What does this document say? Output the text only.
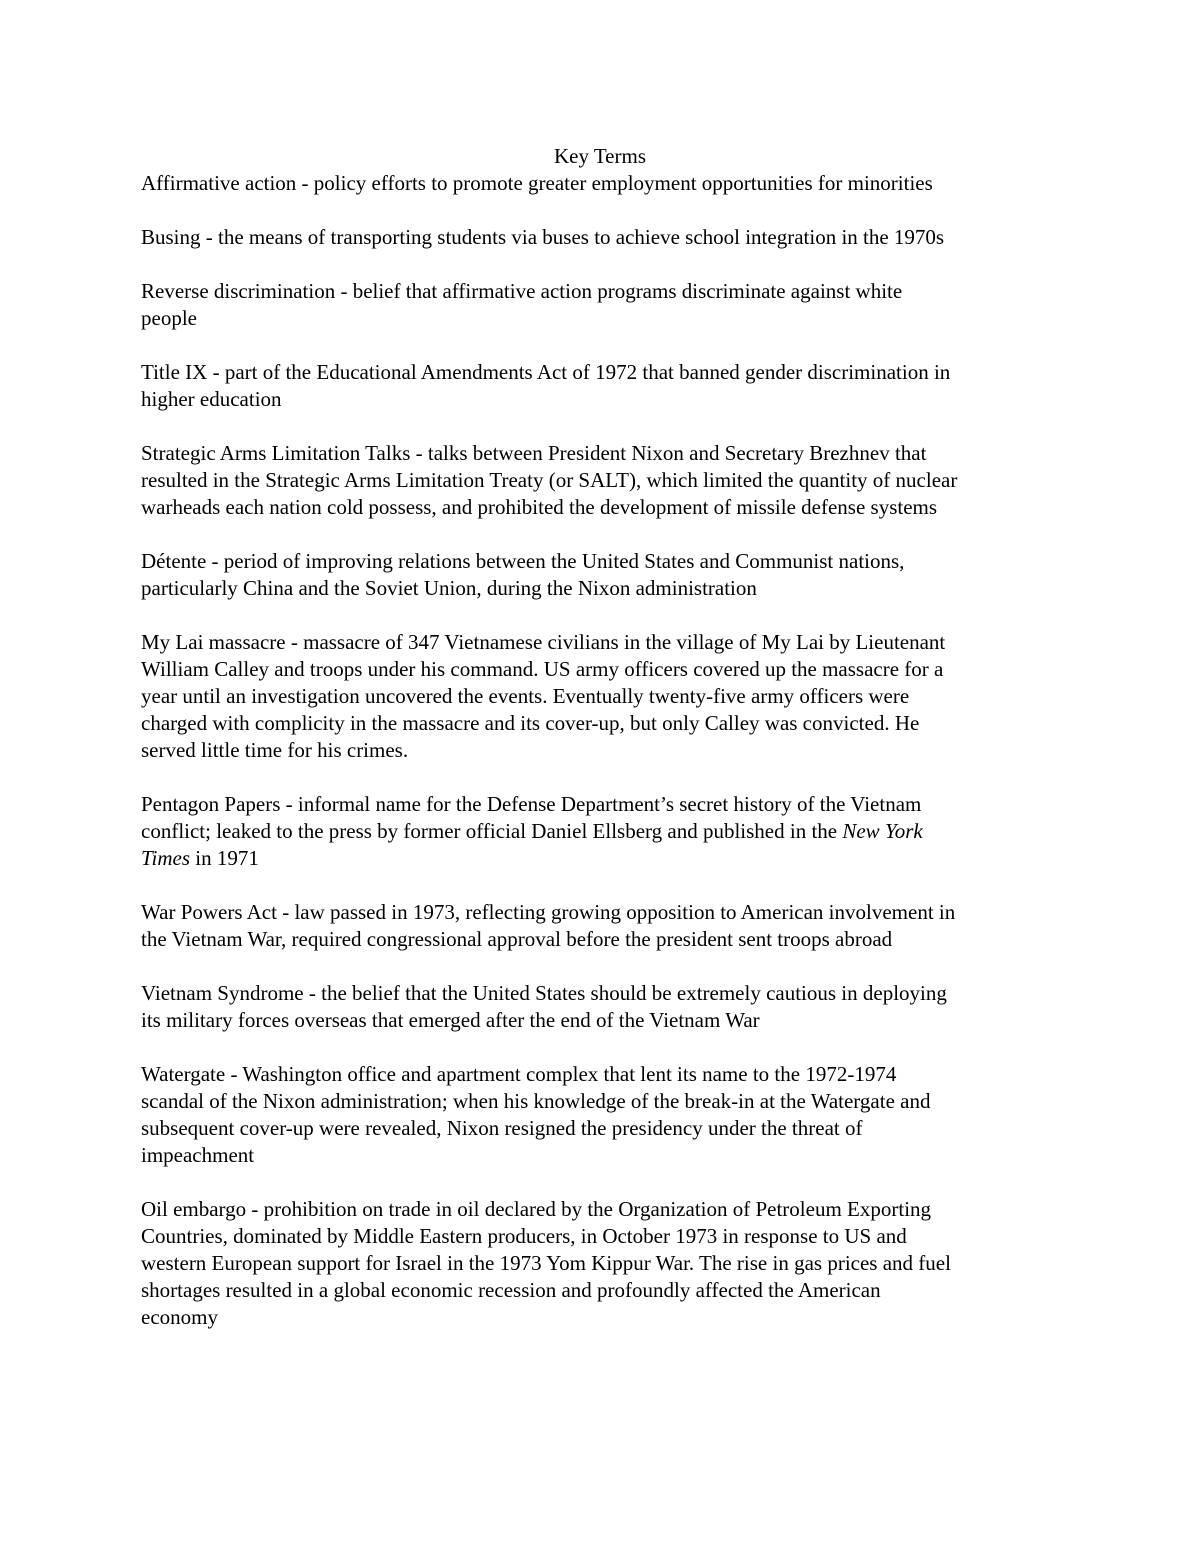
Key Terms

Affirmative action - policy efforts to promote greater employment opportunities for minorities

Busing - the means of transporting students via buses to achieve school integration in the 1970s

Reverse discrimination - belief that affirmative action programs discriminate against white
people

Title IX - part of the Educational Amendments Act of 1972 that banned gender discrimination in
higher education

Strategic Arms Limitation Talks - talks between President Nixon and Secretary Brezhnev that
resulted in the Strategic Arms Limitation Treaty (or SALT), which limited the quantity of nuclear
warheads each nation cold possess, and prohibited the development of missile defense systems

Détente - period of improving relations between the United States and Communist nations,
particularly China and the Soviet Union, during the Nixon administration

My Lai massacre - massacre of 347 Vietnamese civilians in the village of My Lai by Lieutenant
William Calley and troops under his command. US army officers covered up the massacre for a
year until an investigation uncovered the events. Eventually twenty-five army officers were
charged with complicity in the massacre and its cover-up, but only Calley was convicted. He
served little time for his crimes.

Pentagon Papers - informal name for the Defense Department’s secret history of the Vietnam
conflict; leaked to the press by former official Daniel Ellsberg and published in the New York
Times in 1971

War Powers Act - law passed in 1973, reflecting growing opposition to American involvement in
the Vietnam War, required congressional approval before the president sent troops abroad

Vietnam Syndrome - the belief that the United States should be extremely cautious in deploying
its military forces overseas that emerged after the end of the Vietnam War

Watergate - Washington office and apartment complex that lent its name to the 1972-1974
scandal of the Nixon administration; when his knowledge of the break-in at the Watergate and
subsequent cover-up were revealed, Nixon resigned the presidency under the threat of
impeachment

Oil embargo - prohibition on trade in oil declared by the Organization of Petroleum Exporting
Countries, dominated by Middle Eastern producers, in October 1973 in response to US and
western European support for Israel in the 1973 Yom Kippur War. The rise in gas prices and fuel
shortages resulted in a global economic recession and profoundly affected the American
economy
